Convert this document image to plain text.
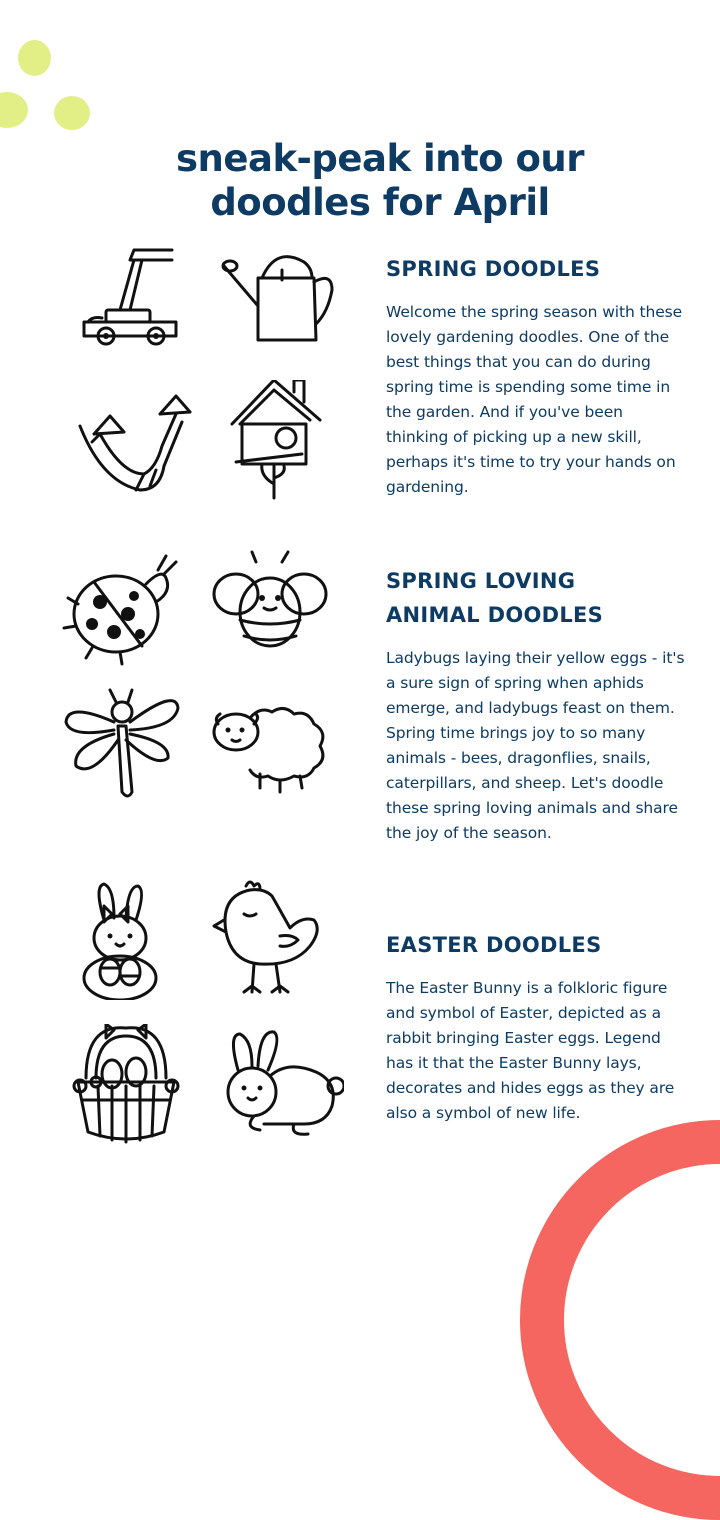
sneak-peak into our
doodles for April
SPRING DOODLES

Welcome the spring season with these lovely gardening doodles. One of the best things that you can do during spring time is spending some time in the garden. And if you've been thinking of picking up a new skill, perhaps it's time to try your hands on gardening.

SPRING LOVING
ANIMAL DOODLES

Ladybugs laying their yellow eggs - it's a sure sign of spring when aphids emerge, and ladybugs feast on them. Spring time brings joy to so many animals - bees, dragonflies, snails, caterpillars, and sheep. Let's doodle these spring loving animals and share the joy of the season.

EASTER DOODLES

The Easter Bunny is a folkloric figure and symbol of Easter, depicted as a rabbit bringing Easter eggs. Legend has it that the Easter Bunny lays, decorates and hides eggs as they are also a symbol of new life.
